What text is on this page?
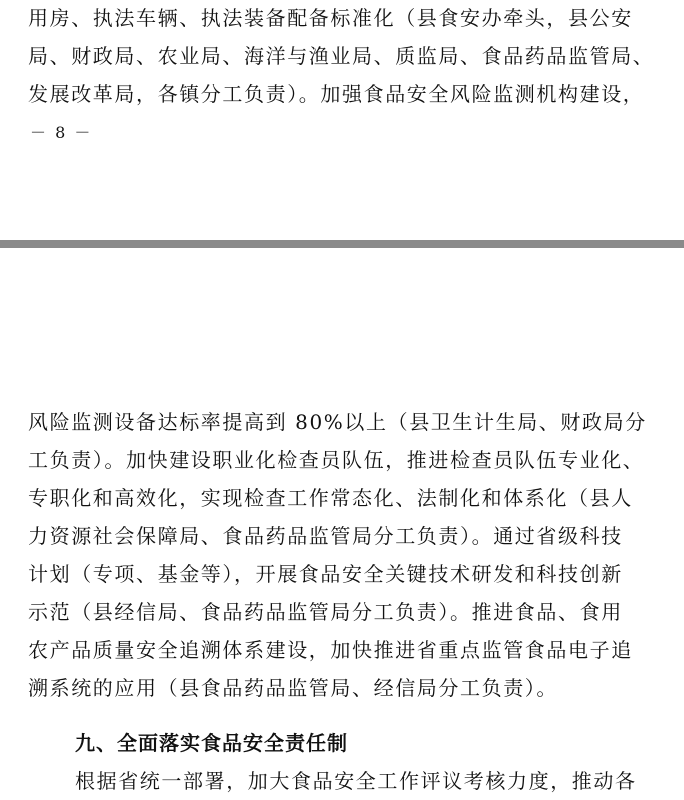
用房、执法车辆、执法装备配备标准化（县食安办牵头，县公安
局、财政局、农业局、海洋与渔业局、质监局、食品药品监管局、
发展改革局，各镇分工负责）。加强食品安全风险监测机构建设，
－ 8 －
风险监测设备达标率提高到 80%以上（县卫生计生局、财政局分
工负责）。加快建设职业化检查员队伍，推进检查员队伍专业化、
专职化和高效化，实现检查工作常态化、法制化和体系化（县人
力资源社会保障局、食品药品监管局分工负责）。通过省级科技
计划（专项、基金等），开展食品安全关键技术研发和科技创新
示范（县经信局、食品药品监管局分工负责）。推进食品、食用
农产品质量安全追溯体系建设，加快推进省重点监管食品电子追
溯系统的应用（县食品药品监管局、经信局分工负责）。
九、全面落实食品安全责任制
根据省统一部署，加大食品安全工作评议考核力度，推动各
